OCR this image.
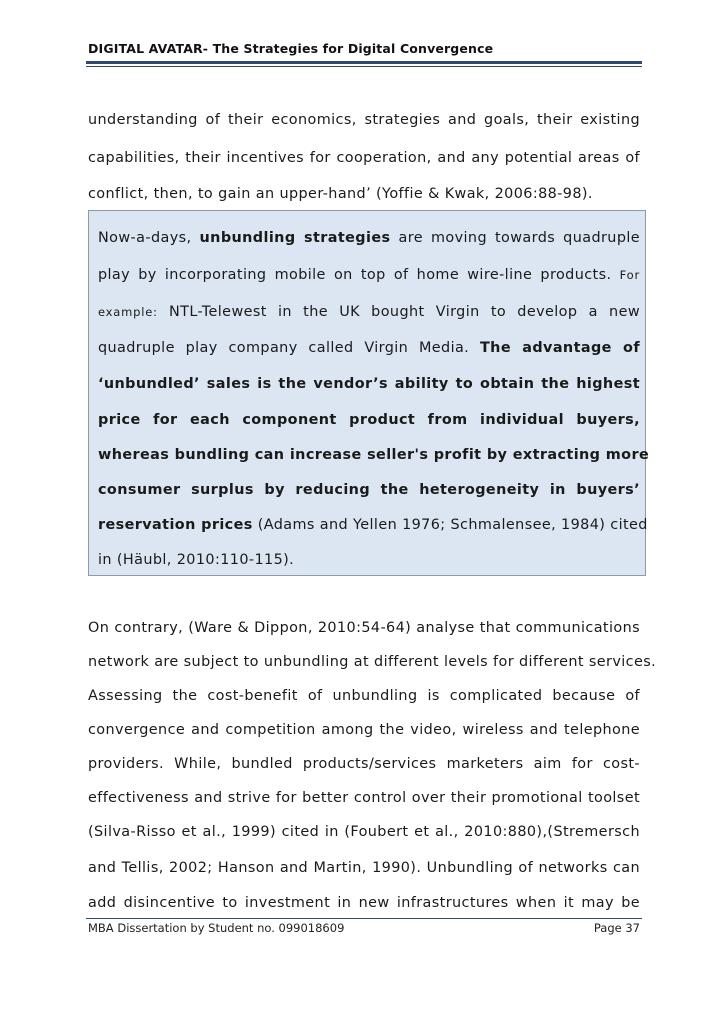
DIGITAL AVATAR- The Strategies for Digital Convergence
understanding of their economics, strategies and goals, their existing
capabilities, their incentives for cooperation, and any potential areas of
conflict, then, to gain an upper-hand’ (Yoffie & Kwak, 2006:88-98).
Now-a-days, unbundling strategies are moving towards quadruple
play by incorporating mobile on top of home wire-line products. For
example: NTL-Telewest in the UK bought Virgin to develop a new
quadruple play company called Virgin Media. The advantage of
‘unbundled’ sales is the vendor’s ability to obtain the highest
price for each component product from individual buyers,
whereas bundling can increase seller's profit by extracting more
consumer surplus by reducing the heterogeneity in buyers’
reservation prices (Adams and Yellen 1976; Schmalensee, 1984) cited
in (Häubl, 2010:110-115).
On contrary, (Ware & Dippon, 2010:54-64) analyse that communications
network are subject to unbundling at different levels for different services.
Assessing the cost-benefit of unbundling is complicated because of
convergence and competition among the video, wireless and telephone
providers. While, bundled products/services marketers aim for cost-
effectiveness and strive for better control over their promotional toolset
(Silva-Risso et al., 1999) cited in (Foubert et al., 2010:880),(Stremersch
and Tellis, 2002; Hanson and Martin, 1990). Unbundling of networks can
add disincentive to investment in new infrastructures when it may be
MBA Dissertation by Student no. 099018609	Page 37
